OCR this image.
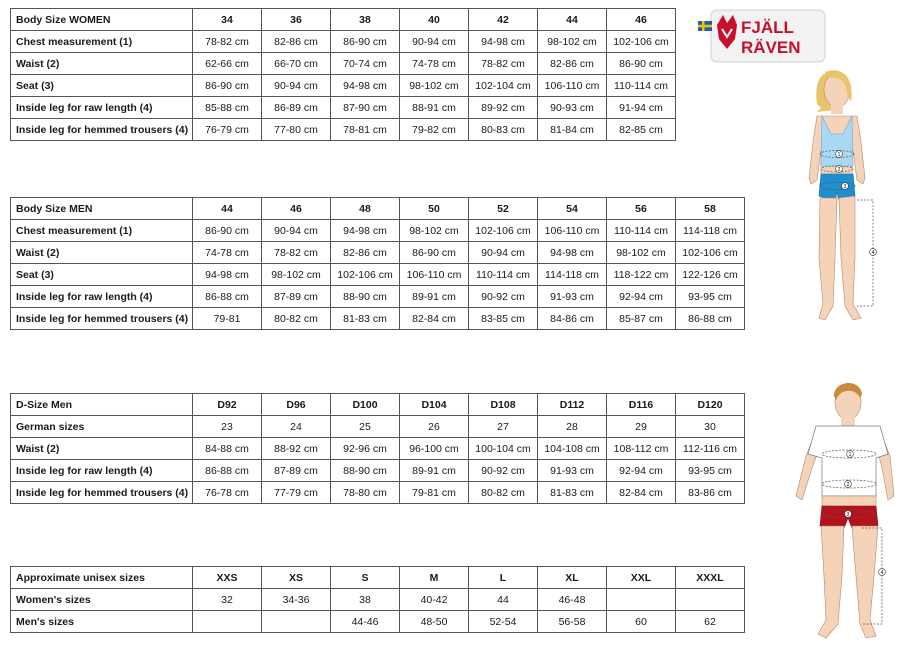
Body Size WOMEN	34	36	38	40	42	44	46
Chest measurement (1)	78-82 cm	82-86 cm	86-90 cm	90-94 cm	94-98 cm	98-102 cm	102-106 cm
Waist (2)	62-66 cm	66-70 cm	70-74 cm	74-78 cm	78-82 cm	82-86 cm	86-90 cm
Seat (3)	86-90 cm	90-94 cm	94-98 cm	98-102 cm	102-104 cm	106-110 cm	110-114 cm
Inside leg for raw length (4)	85-88 cm	86-89 cm	87-90 cm	88-91 cm	89-92 cm	90-93 cm	91-94 cm
Inside leg for hemmed trousers (4)	76-79 cm	77-80 cm	78-81 cm	79-82 cm	80-83 cm	81-84 cm	82-85 cm
Body Size MEN	44	46	48	50	52	54	56	58
Chest measurement (1)	86-90 cm	90-94 cm	94-98 cm	98-102 cm	102-106 cm	106-110 cm	110-114 cm	114-118 cm
Waist (2)	74-78 cm	78-82 cm	82-86 cm	86-90 cm	90-94 cm	94-98 cm	98-102 cm	102-106 cm
Seat (3)	94-98 cm	98-102 cm	102-106 cm	106-110 cm	110-114 cm	114-118 cm	118-122 cm	122-126 cm
Inside leg for raw length (4)	86-88 cm	87-89 cm	88-90 cm	89-91 cm	90-92 cm	91-93 cm	92-94 cm	93-95 cm
Inside leg for hemmed trousers (4)	79-81	80-82 cm	81-83 cm	82-84 cm	83-85 cm	84-86 cm	85-87 cm	86-88 cm
D-Size Men	D92	D96	D100	D104	D108	D112	D116	D120
German sizes	23	24	25	26	27	28	29	30
Waist (2)	84-88 cm	88-92 cm	92-96 cm	96-100 cm	100-104 cm	104-108 cm	108-112 cm	112-116 cm
Inside leg for raw length (4)	86-88 cm	87-89 cm	88-90 cm	89-91 cm	90-92 cm	91-93 cm	92-94 cm	93-95 cm
Inside leg for hemmed trousers (4)	76-78 cm	77-79 cm	78-80 cm	79-81 cm	80-82 cm	81-83 cm	82-84 cm	83-86 cm
Approximate unisex sizes	XXS	XS	S	M	L	XL	XXL	XXXL
Women's sizes	32	34-36	38	40-42	44	46-48		
Men's sizes			44-46	48-50	52-54	56-58	60	62
FJÄLL
RÄVEN
1
2
3
4
1
2
3
4
